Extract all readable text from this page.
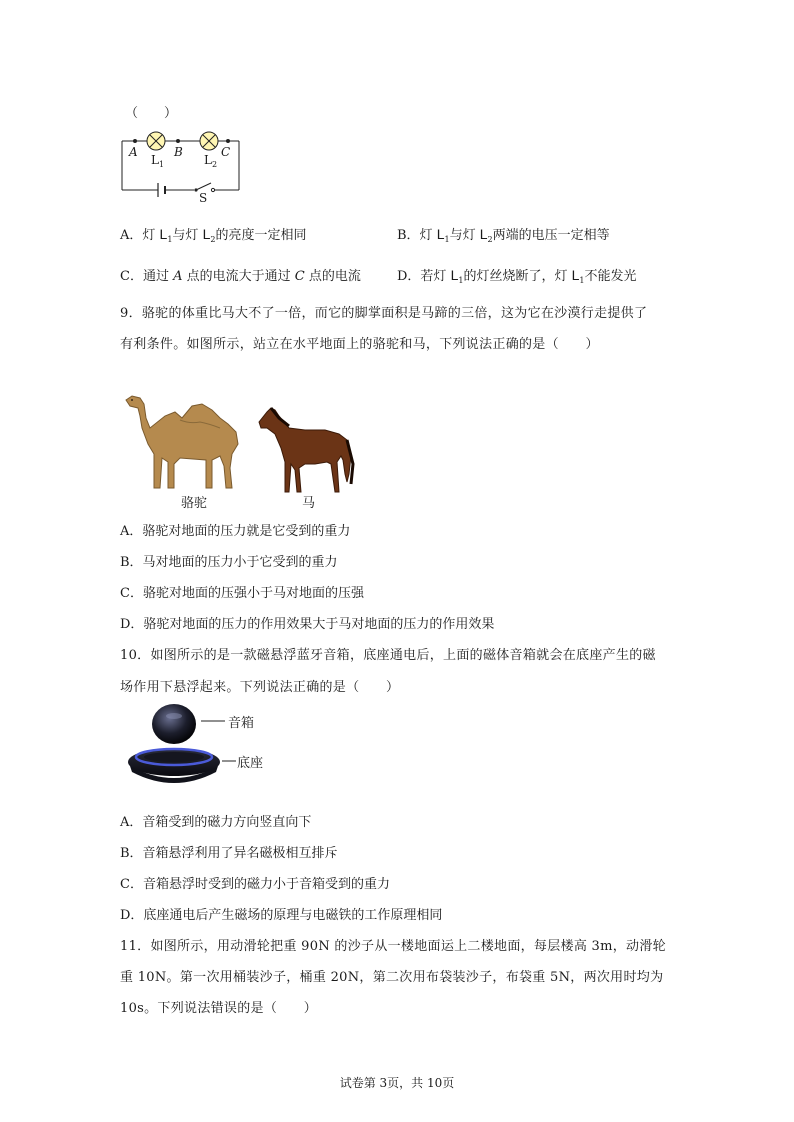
（　　）
A	B	C
$L_1$	$L_2$
S
A．灯 $L_1$与灯 $L_2$的亮度一定相同	B．灯 $L_1$与灯 $L_2$两端的电压一定相等
C．通过 A 点的电流大于通过 C 点的电流	D．若灯 $L_1$的灯丝烧断了，灯 $L_1$不能发光
9．骆驼的体重比马大不了一倍，而它的脚掌面积是马蹄的三倍，这为它在沙漠行走提供了
有利条件。如图所示，站立在水平地面上的骆驼和马，下列说法正确的是（　　）
骆驼	马
A．骆驼对地面的压力就是它受到的重力
B．马对地面的压力小于它受到的重力
C．骆驼对地面的压强小于马对地面的压强
D．骆驼对地面的压力的作用效果大于马对地面的压力的作用效果
10．如图所示的是一款磁悬浮蓝牙音箱，底座通电后，上面的磁体音箱就会在底座产生的磁
场作用下悬浮起来。下列说法正确的是（　　）
音箱
底座
A．音箱受到的磁力方向竖直向下
B．音箱悬浮利用了异名磁极相互排斥
C．音箱悬浮时受到的磁力小于音箱受到的重力
D．底座通电后产生磁场的原理与电磁铁的工作原理相同
11．如图所示，用动滑轮把重 90N 的沙子从一楼地面运上二楼地面，每层楼高 3m，动滑轮
重 10N。第一次用桶装沙子，桶重 20N，第二次用布袋装沙子，布袋重 5N，两次用时均为
10s。下列说法错误的是（　　）
试卷第 3页，共 10页
